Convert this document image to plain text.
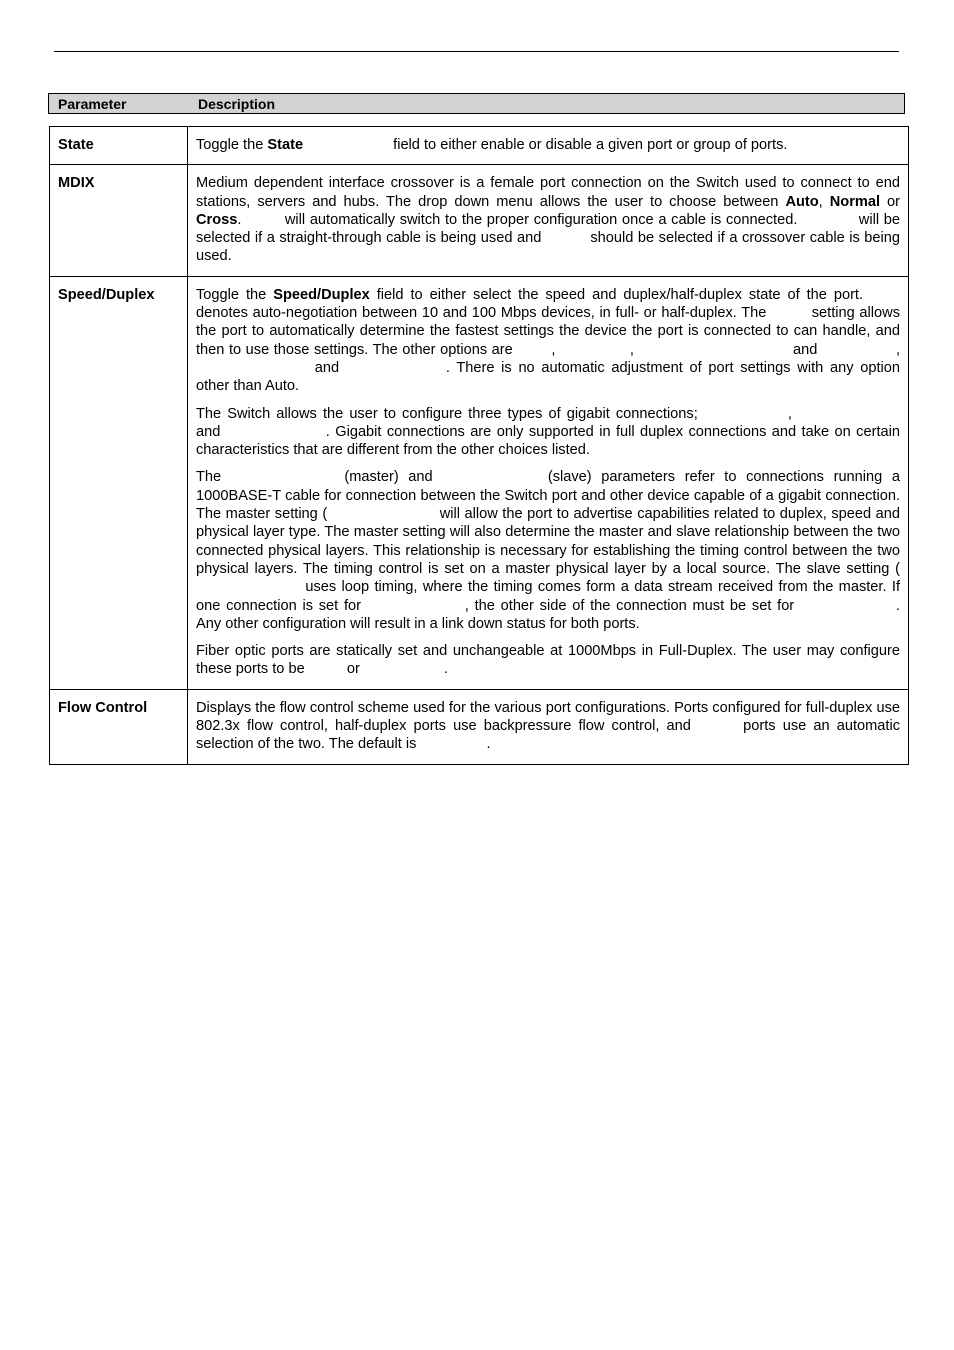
Parameter	Description
State	Toggle the State field to either enable or disable a given port or group of ports.

MDIX	Medium dependent interface crossover is a female port connection on the Switch used to connect to end stations, servers and hubs. The drop down menu allows the user to choose between Auto, Normal or Cross.  will automatically switch to the proper configuration once a cable is connected. will be selected if a straight-through cable is being used and should be selected if a crossover cable is being used.

Speed/Duplex	Toggle the Speed/Duplex field to either select the speed and duplex/half-duplex state of the port.  denotes auto-negotiation between 10 and 100 Mbps devices, in full- or half-duplex. The  setting allows the port to automatically determine the fastest settings the device the port is connected to can handle, and then to use those settings. The other options are , , and ,  and . There is no automatic adjustment of port settings with any option other than Auto.

The Switch allows the user to configure three types of gigabit connections; ,  and . Gigabit connections are only supported in full duplex connections and take on certain characteristics that are different from the other choices listed.

The (master) and (slave) parameters refer to connections running a 1000BASE-T cable for connection between the Switch port and other device capable of a gigabit connection. The master setting ( will allow the port to advertise capabilities related to duplex, speed and physical layer type. The master setting will also determine the master and slave relationship between the two connected physical layers. This relationship is necessary for establishing the timing control between the two physical layers. The timing control is set on a master physical layer by a local source. The slave setting ( uses loop timing, where the timing comes form a data stream received from the master. If one connection is set for , the other side of the connection must be set for . Any other configuration will result in a link down status for both ports.

Fiber optic ports are statically set and unchangeable at 1000Mbps in Full-Duplex. The user may configure these ports to be  or .

Flow Control	Displays the flow control scheme used for the various port configurations. Ports configured for full-duplex use 802.3x flow control, half-duplex ports use backpressure flow control, and ports use an automatic selection of the two. The default is .
